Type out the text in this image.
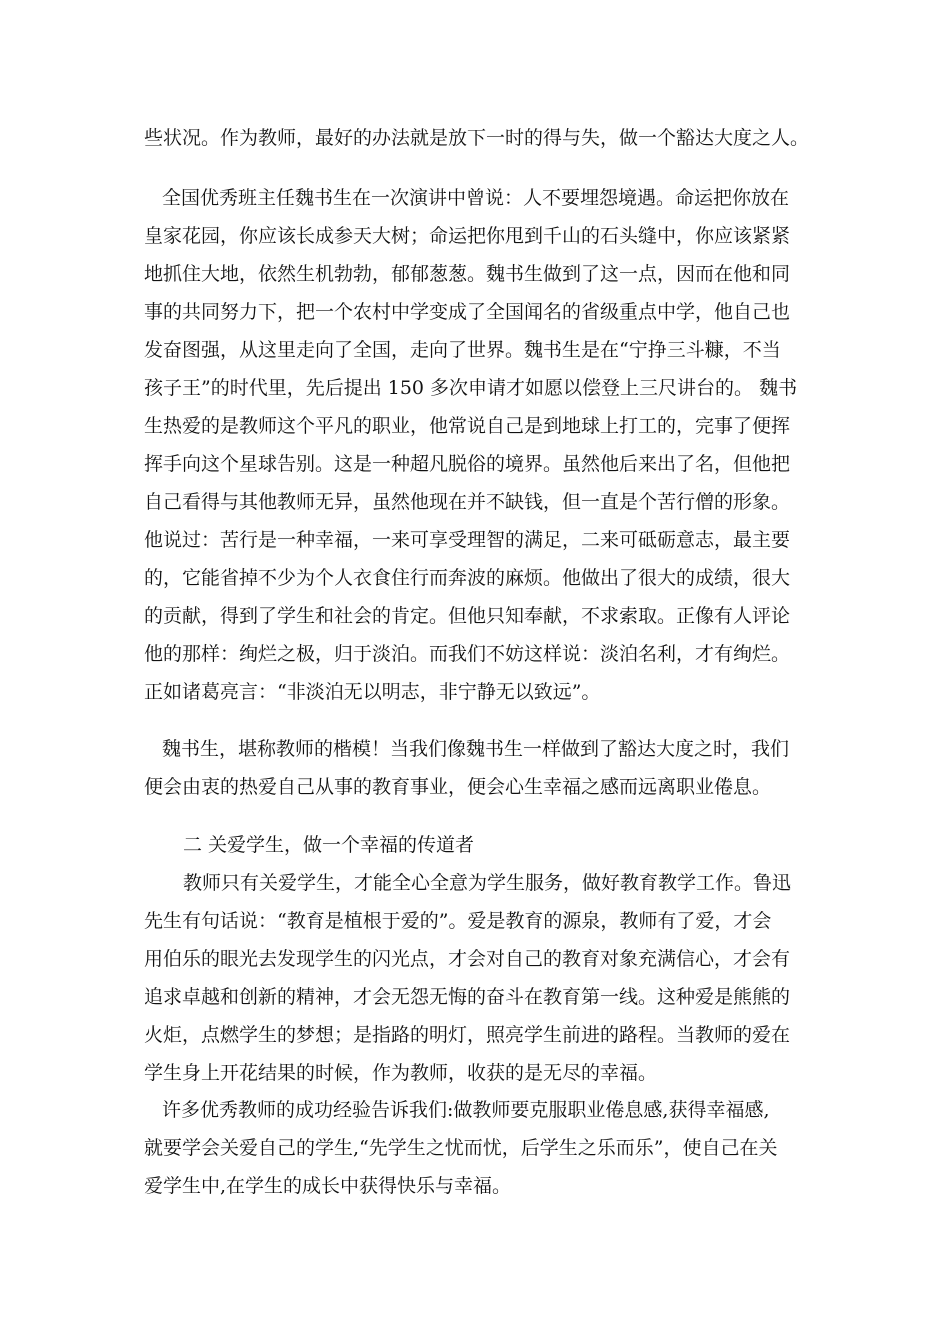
些状况。作为教师，最好的办法就是放下一时的得与失，做一个豁达大度之人。
全国优秀班主任魏书生在一次演讲中曾说：人不要埋怨境遇。命运把你放在
皇家花园，你应该长成参天大树；命运把你甩到千山的石头缝中，你应该紧紧
地抓住大地，依然生机勃勃，郁郁葱葱。魏书生做到了这一点，因而在他和同
事的共同努力下，把一个农村中学变成了全国闻名的省级重点中学，他自己也
发奋图强，从这里走向了全国，走向了世界。魏书生是在“宁挣三斗糠，不当
孩子王”的时代里，先后提出 150 多次申请才如愿以偿登上三尺讲台的。 魏书
生热爱的是教师这个平凡的职业，他常说自己是到地球上打工的，完事了便挥
挥手向这个星球告别。这是一种超凡脱俗的境界。虽然他后来出了名，但他把
自己看得与其他教师无异，虽然他现在并不缺钱，但一直是个苦行僧的形象。
他说过：苦行是一种幸福，一来可享受理智的满足，二来可砥砺意志，最主要
的，它能省掉不少为个人衣食住行而奔波的麻烦。他做出了很大的成绩，很大
的贡献，得到了学生和社会的肯定。但他只知奉献，不求索取。正像有人评论
他的那样：绚烂之极，归于淡泊。而我们不妨这样说：淡泊名利，才有绚烂。
正如诸葛亮言：“非淡泊无以明志，非宁静无以致远”。
魏书生，堪称教师的楷模！当我们像魏书生一样做到了豁达大度之时，我们
便会由衷的热爱自己从事的教育事业，便会心生幸福之感而远离职业倦息。
二 关爱学生，做一个幸福的传道者
教师只有关爱学生，才能全心全意为学生服务，做好教育教学工作。鲁迅
先生有句话说：“教育是植根于爱的”。爱是教育的源泉，教师有了爱，才会
用伯乐的眼光去发现学生的闪光点，才会对自己的教育对象充满信心，才会有
追求卓越和创新的精神，才会无怨无悔的奋斗在教育第一线。这种爱是熊熊的
火炬，点燃学生的梦想；是指路的明灯，照亮学生前进的路程。当教师的爱在
学生身上开花结果的时候，作为教师，收获的是无尽的幸福。
许多优秀教师的成功经验告诉我们:做教师要克服职业倦息感,获得幸福感,
就要学会关爱自己的学生,“先学生之忧而忧，后学生之乐而乐”，使自己在关
爱学生中,在学生的成长中获得快乐与幸福。
